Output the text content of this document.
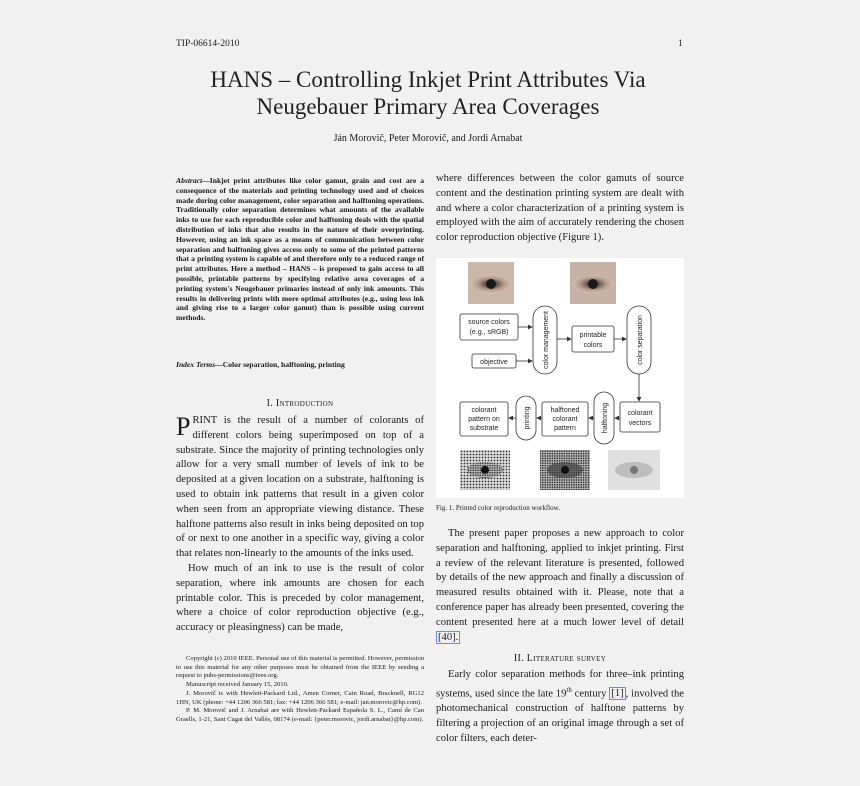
TIP-06614-2010	1
HANS – Controlling Inkjet Print Attributes Via
Neugebauer Primary Area Coverages
Ján Morovič, Peter Morovič, and Jordi Arnabat
Abstract—Inkjet print attributes like color gamut, grain and cost are a consequence of the materials and printing technology used and of choices made during color management, color separation and halftoning operations. Traditionally color separation determines what amounts of the available inks to use for each reproducible color and halftoning deals with the spatial distribution of inks that also results in the nature of their overprinting. However, using an ink space as a means of communication between color separation and halftoning gives access only to some of the printed patterns that a printing system is capable of and therefore only to a reduced range of print attributes. Here a method – HANS – is proposed to gain access to all possible, printable patterns by specifying relative area coverages of a printing system's Neugebauer primaries instead of only ink amounts. This results in delivering prints with more optimal attributes (e.g., using less ink and giving rise to a larger color gamut) than is possible using current methods.
Index Terms—Color separation, halftoning, printing
I. Introduction

PRINT is the result of a number of colorants of different colors being superimposed on top of a substrate. Since the majority of printing technologies only allow for a very small number of levels of ink to be deposited at a given location on a substrate, halftoning is used to obtain ink patterns that result in a given color when seen from an appropriate viewing distance. These halftone patterns also result in inks being deposited on top of or next to one another in a specific way, giving a color that relates non-linearly to the amounts of the inks used.

How much of an ink to use is the result of color separation, where ink amounts are chosen for each printable color. This is preceded by color management, where a choice of color reproduction objective (e.g., accuracy or pleasingness) can be made,

Copyright (c) 2010 IEEE. Personal use of this material is permitted. However, permission to use this material for any other purposes must be obtained from the IEEE by sending a request to pubs-permissions@ieee.org.

Manuscript received January 15, 2010.

J. Morovič is with Hewlett-Packard Ltd., Amen Corner, Cain Road, Bracknell, RG12 1HN, UK (phone: +44 1206 366 581; fax: +44 1206 366 581; e-mail: jan.morovic@hp.com).

P. M. Morovič and J. Arnabat are with Hewlett-Packard Española S. L., Camí de Can Graells, 1-21, Sant Cugat del Vallès, 08174 (e-mail: {peter.morovic, jordi.arnabat}@hp.com).

where differences between the color gamuts of source content and the destination printing system are dealt with and where a color characterization of a printing system is employed with the aim of accurately rendering the chosen color reproduction objective (Figure 1).
source colors
(e.g., sRGB)
objective	color management	printable
colors	color separation
colorant
pattern on
substrate	printing	halftoned
colorant
pattern	halftoning	colorant
vectors
Fig. 1. Printed color reproduction workflow.
The present paper proposes a new approach to color separation and halftoning, applied to inkjet printing. First a review of the relevant literature is presented, followed by details of the new approach and finally a discussion of measured results obtained with it. Please, note that a conference paper has already been presented, covering the content presented here at a much lower level of detail [40].
II. Literature survey
Early color separation methods for three–ink printing systems, used since the late 19th century [1] , involved the photomechanical construction of halftone patterns by filtering a projection of an original image through a set of color filters, each deter-
